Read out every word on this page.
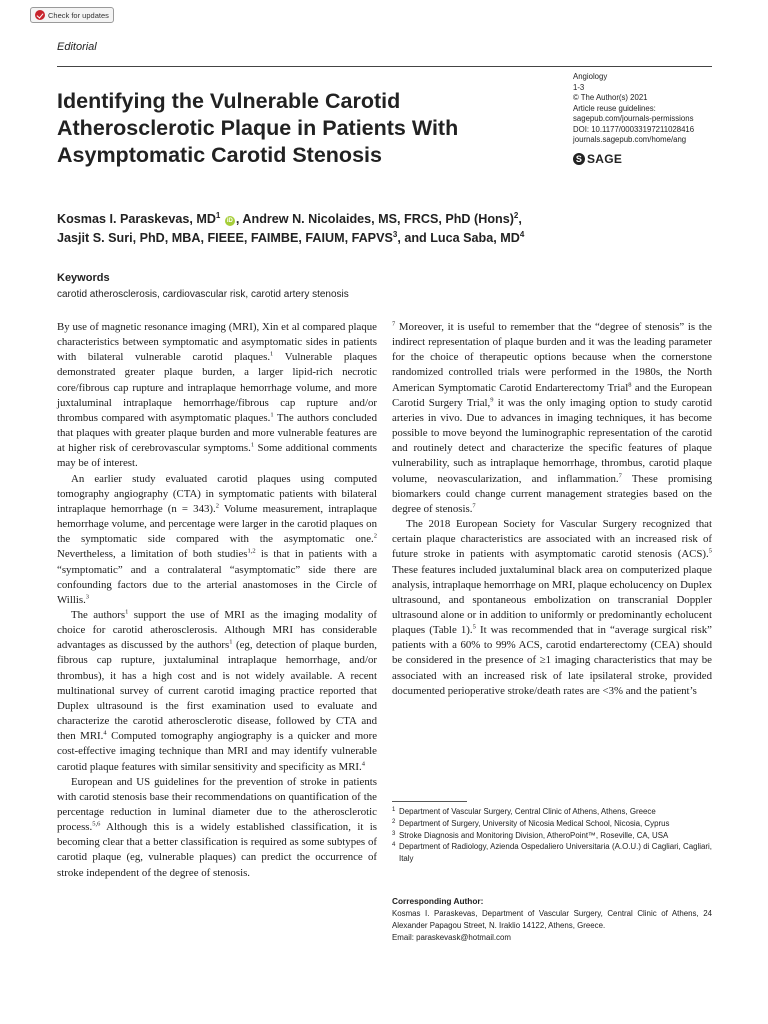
Check for updates
Editorial
Identifying the Vulnerable Carotid Atherosclerotic Plaque in Patients With Asymptomatic Carotid Stenosis
Angiology
1-3
© The Author(s) 2021
Article reuse guidelines:
sagepub.com/journals-permissions
DOI: 10.1177/00033197211028416
journals.sagepub.com/home/ang
S SAGE
Kosmas I. Paraskevas, $MD^1$ iD , Andrew N. Nicolaides, MS, FRCS, PhD (Hons)$^2$,
Jasjit S. Suri, PhD, MBA, FIEEE, FAIMBE, FAIUM, FAPVS$^3$, and Luca Saba, $MD^4$
Keywords
carotid atherosclerosis, cardiovascular risk, carotid artery stenosis

By use of magnetic resonance imaging (MRI), Xin et al compared plaque characteristics between symptomatic and asymptomatic sides in patients with bilateral vulnerable carotid plaques.$^1$ Vulnerable plaques demonstrated greater plaque burden, a larger lipid-rich necrotic core/fibrous cap rupture and intraplaque hemorrhage volume, and more juxtaluminal intraplaque hemorrhage/fibrous cap rupture and/or thrombus compared with asymptomatic plaques.$^1$ The authors concluded that plaques with greater plaque burden and more vulnerable features are at higher risk of cerebrovascular symptoms.$^1$ Some additional comments may be of interest.

An earlier study evaluated carotid plaques using computed tomography angiography (CTA) in symptomatic patients with bilateral intraplaque hemorrhage (n = 343).$^2$ Volume measurement, intraplaque hemorrhage volume, and percentage were larger in the carotid plaques on the symptomatic side compared with the asymptomatic one.$^2$ Nevertheless, a limitation of both studies$^{1,2}$ is that in patients with a “symptomatic” and a contralateral “asymptomatic” side there are confounding factors due to the arterial anastomoses in the Circle of Willis.$^3$

The authors$^1$ support the use of MRI as the imaging modality of choice for carotid atherosclerosis. Although MRI has considerable advantages as discussed by the authors$^1$ (eg, detection of plaque burden, fibrous cap rupture, juxtaluminal intraplaque hemorrhage, and/or thrombus), it has a high cost and is not widely available. A recent multinational survey of current carotid imaging practice reported that Duplex ultrasound is the first examination used to evaluate and characterize the carotid atherosclerotic disease, followed by CTA and then MRI.$^4$ Computed tomography angiography is a quicker and more cost-effective imaging technique than MRI and may identify vulnerable carotid plaque features with similar sensitivity and specificity as MRI.$^4$

European and US guidelines for the prevention of stroke in patients with carotid stenosis base their recommendations on quantification of the percentage reduction in luminal diameter due to the atherosclerotic process.$^{5,6}$ Although this is a widely established classification, it is becoming clear that a better classification is required as some subtypes of carotid plaque (eg, vulnerable plaques) can predict the occurrence of stroke independent of the degree of stenosis.

$^7$ Moreover, it is useful to remember that the “degree of stenosis” is the indirect representation of plaque burden and it was the leading parameter for the choice of therapeutic options because when the cornerstone randomized controlled trials were performed in the 1980s, the North American Symptomatic Carotid Endarterectomy Trial$^8$ and the European Carotid Surgery Trial,$^9$ it was the only imaging option to study carotid arteries in vivo. Due to advances in imaging techniques, it has become possible to move beyond the luminographic representation of the carotid and routinely detect and characterize the specific features of plaque vulnerability, such as intraplaque hemorrhage, thrombus, carotid plaque volume, neovascularization, and inflammation.$^7$ These promising biomarkers could change current management strategies based on the degree of stenosis.$^7$

The 2018 European Society for Vascular Surgery recognized that certain plaque characteristics are associated with an increased risk of future stroke in patients with asymptomatic carotid stenosis (ACS).$^5$ These features included juxtaluminal black area on computerized plaque analysis, intraplaque hemorrhage on MRI, plaque echolucency on Duplex ultrasound, and spontaneous embolization on transcranial Doppler ultrasound alone or in addition to uniformly or predominantly echolucent plaques (Table 1).$^5$ It was recommended that in “average surgical risk” patients with a 60% to 99% ACS, carotid endarterectomy (CEA) should be considered in the presence of ≥1 imaging characteristics that may be associated with an increased risk of late ipsilateral stroke, provided documented perioperative stroke/death rates are <3% and the patient’s

1 Department of Vascular Surgery, Central Clinic of Athens, Athens, Greece
2 Department of Surgery, University of Nicosia Medical School, Nicosia, Cyprus
3 Stroke Diagnosis and Monitoring Division, AtheroPoint™, Roseville, CA, USA
4 Department of Radiology, Azienda Ospedaliero Universitaria (A.O.U.) di Cagliari, Cagliari, Italy
Corresponding Author:
Kosmas I. Paraskevas, Department of Vascular Surgery, Central Clinic of Athens, 24 Alexander Papagou Street, N. Iraklio 14122, Athens, Greece.
Email: paraskevask@hotmail.com
